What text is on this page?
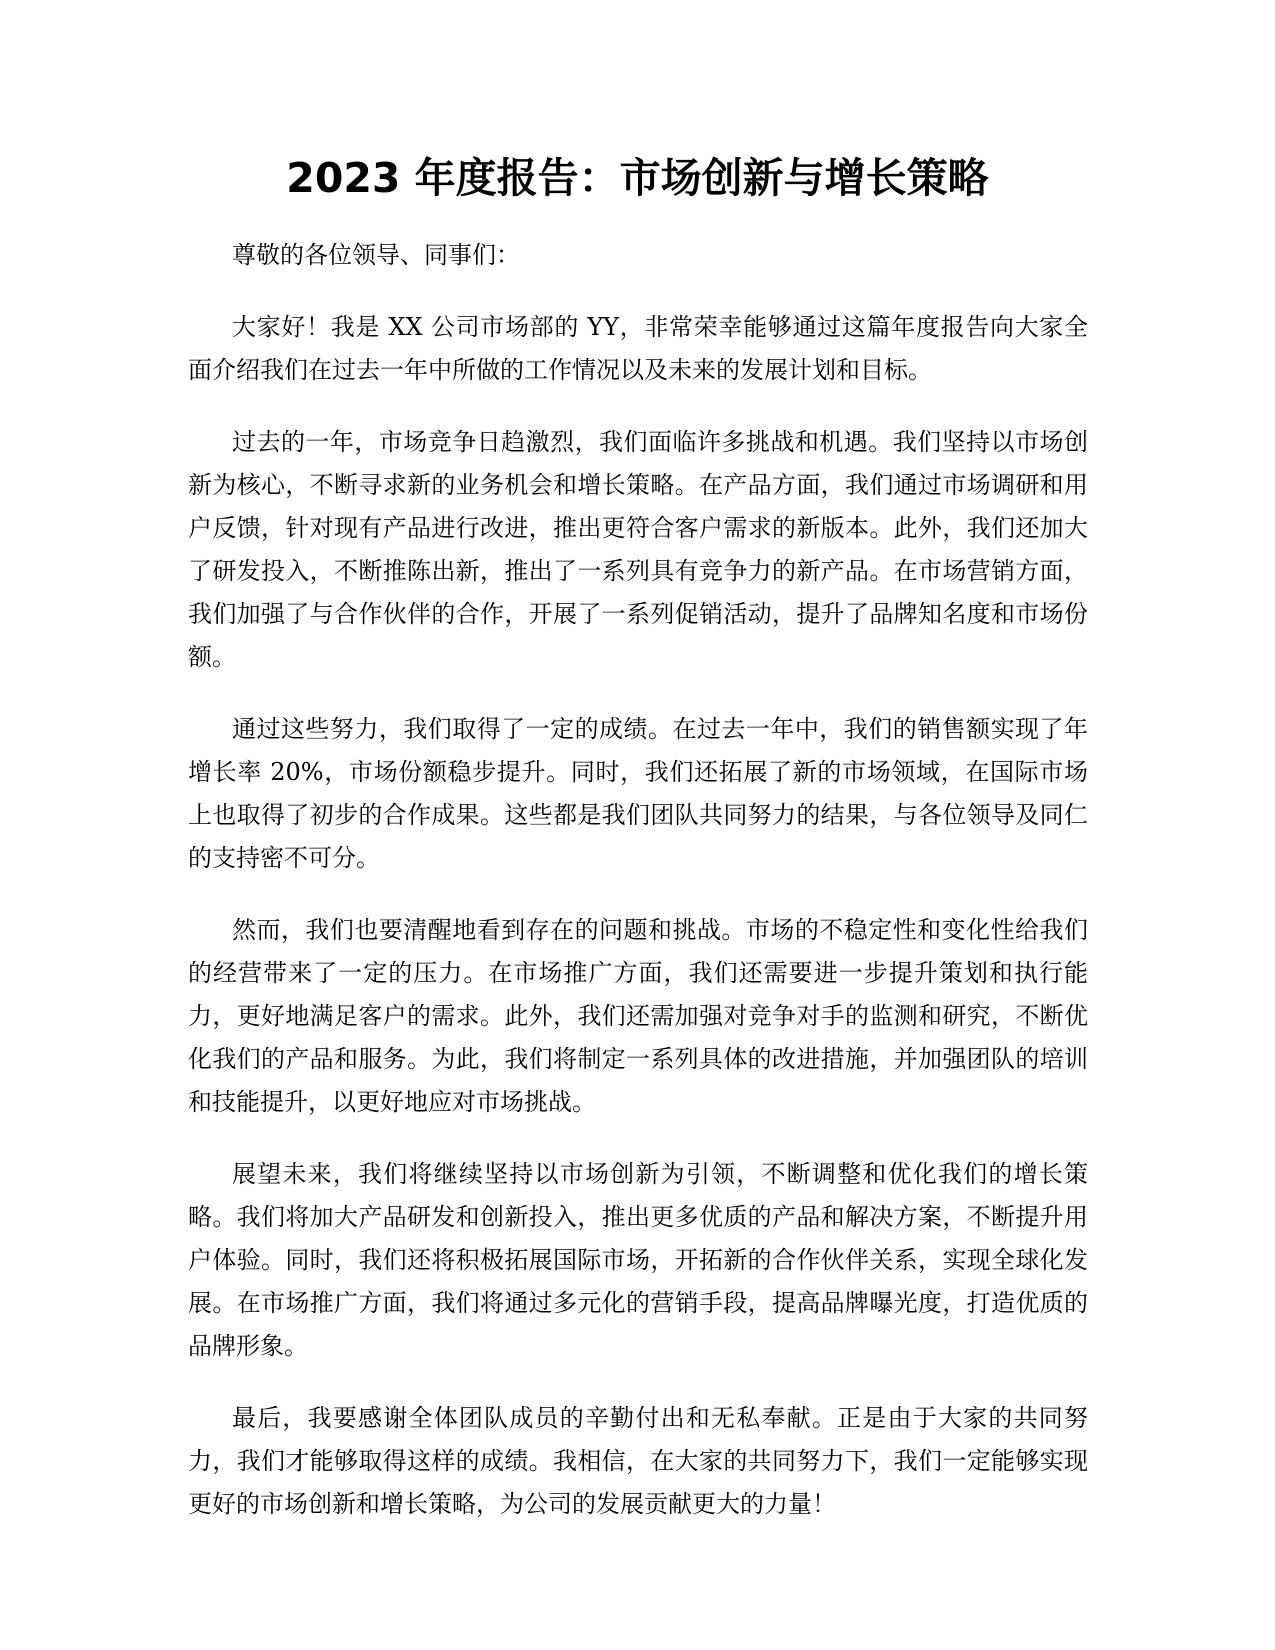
2023 年度报告：市场创新与增长策略

尊敬的各位领导、同事们：

大家好！我是 XX 公司市场部的 YY，非常荣幸能够通过这篇年度报告向大家全面介绍我们在过去一年中所做的工作情况以及未来的发展计划和目标。

过去的一年，市场竞争日趋激烈，我们面临许多挑战和机遇。我们坚持以市场创新为核心，不断寻求新的业务机会和增长策略。在产品方面，我们通过市场调研和用户反馈，针对现有产品进行改进，推出更符合客户需求的新版本。此外，我们还加大了研发投入，不断推陈出新，推出了一系列具有竞争力的新产品。在市场营销方面，我们加强了与合作伙伴的合作，开展了一系列促销活动，提升了品牌知名度和市场份额。

通过这些努力，我们取得了一定的成绩。在过去一年中，我们的销售额实现了年增长率 20%，市场份额稳步提升。同时，我们还拓展了新的市场领域，在国际市场上也取得了初步的合作成果。这些都是我们团队共同努力的结果，与各位领导及同仁的支持密不可分。

然而，我们也要清醒地看到存在的问题和挑战。市场的不稳定性和变化性给我们的经营带来了一定的压力。在市场推广方面，我们还需要进一步提升策划和执行能力，更好地满足客户的需求。此外，我们还需加强对竞争对手的监测和研究，不断优化我们的产品和服务。为此，我们将制定一系列具体的改进措施，并加强团队的培训和技能提升，以更好地应对市场挑战。

展望未来，我们将继续坚持以市场创新为引领，不断调整和优化我们的增长策略。我们将加大产品研发和创新投入，推出更多优质的产品和解决方案，不断提升用户体验。同时，我们还将积极拓展国际市场，开拓新的合作伙伴关系，实现全球化发展。在市场推广方面，我们将通过多元化的营销手段，提高品牌曝光度，打造优质的品牌形象。

最后，我要感谢全体团队成员的辛勤付出和无私奉献。正是由于大家的共同努力，我们才能够取得这样的成绩。我相信，在大家的共同努力下，我们一定能够实现更好的市场创新和增长策略，为公司的发展贡献更大的力量！
